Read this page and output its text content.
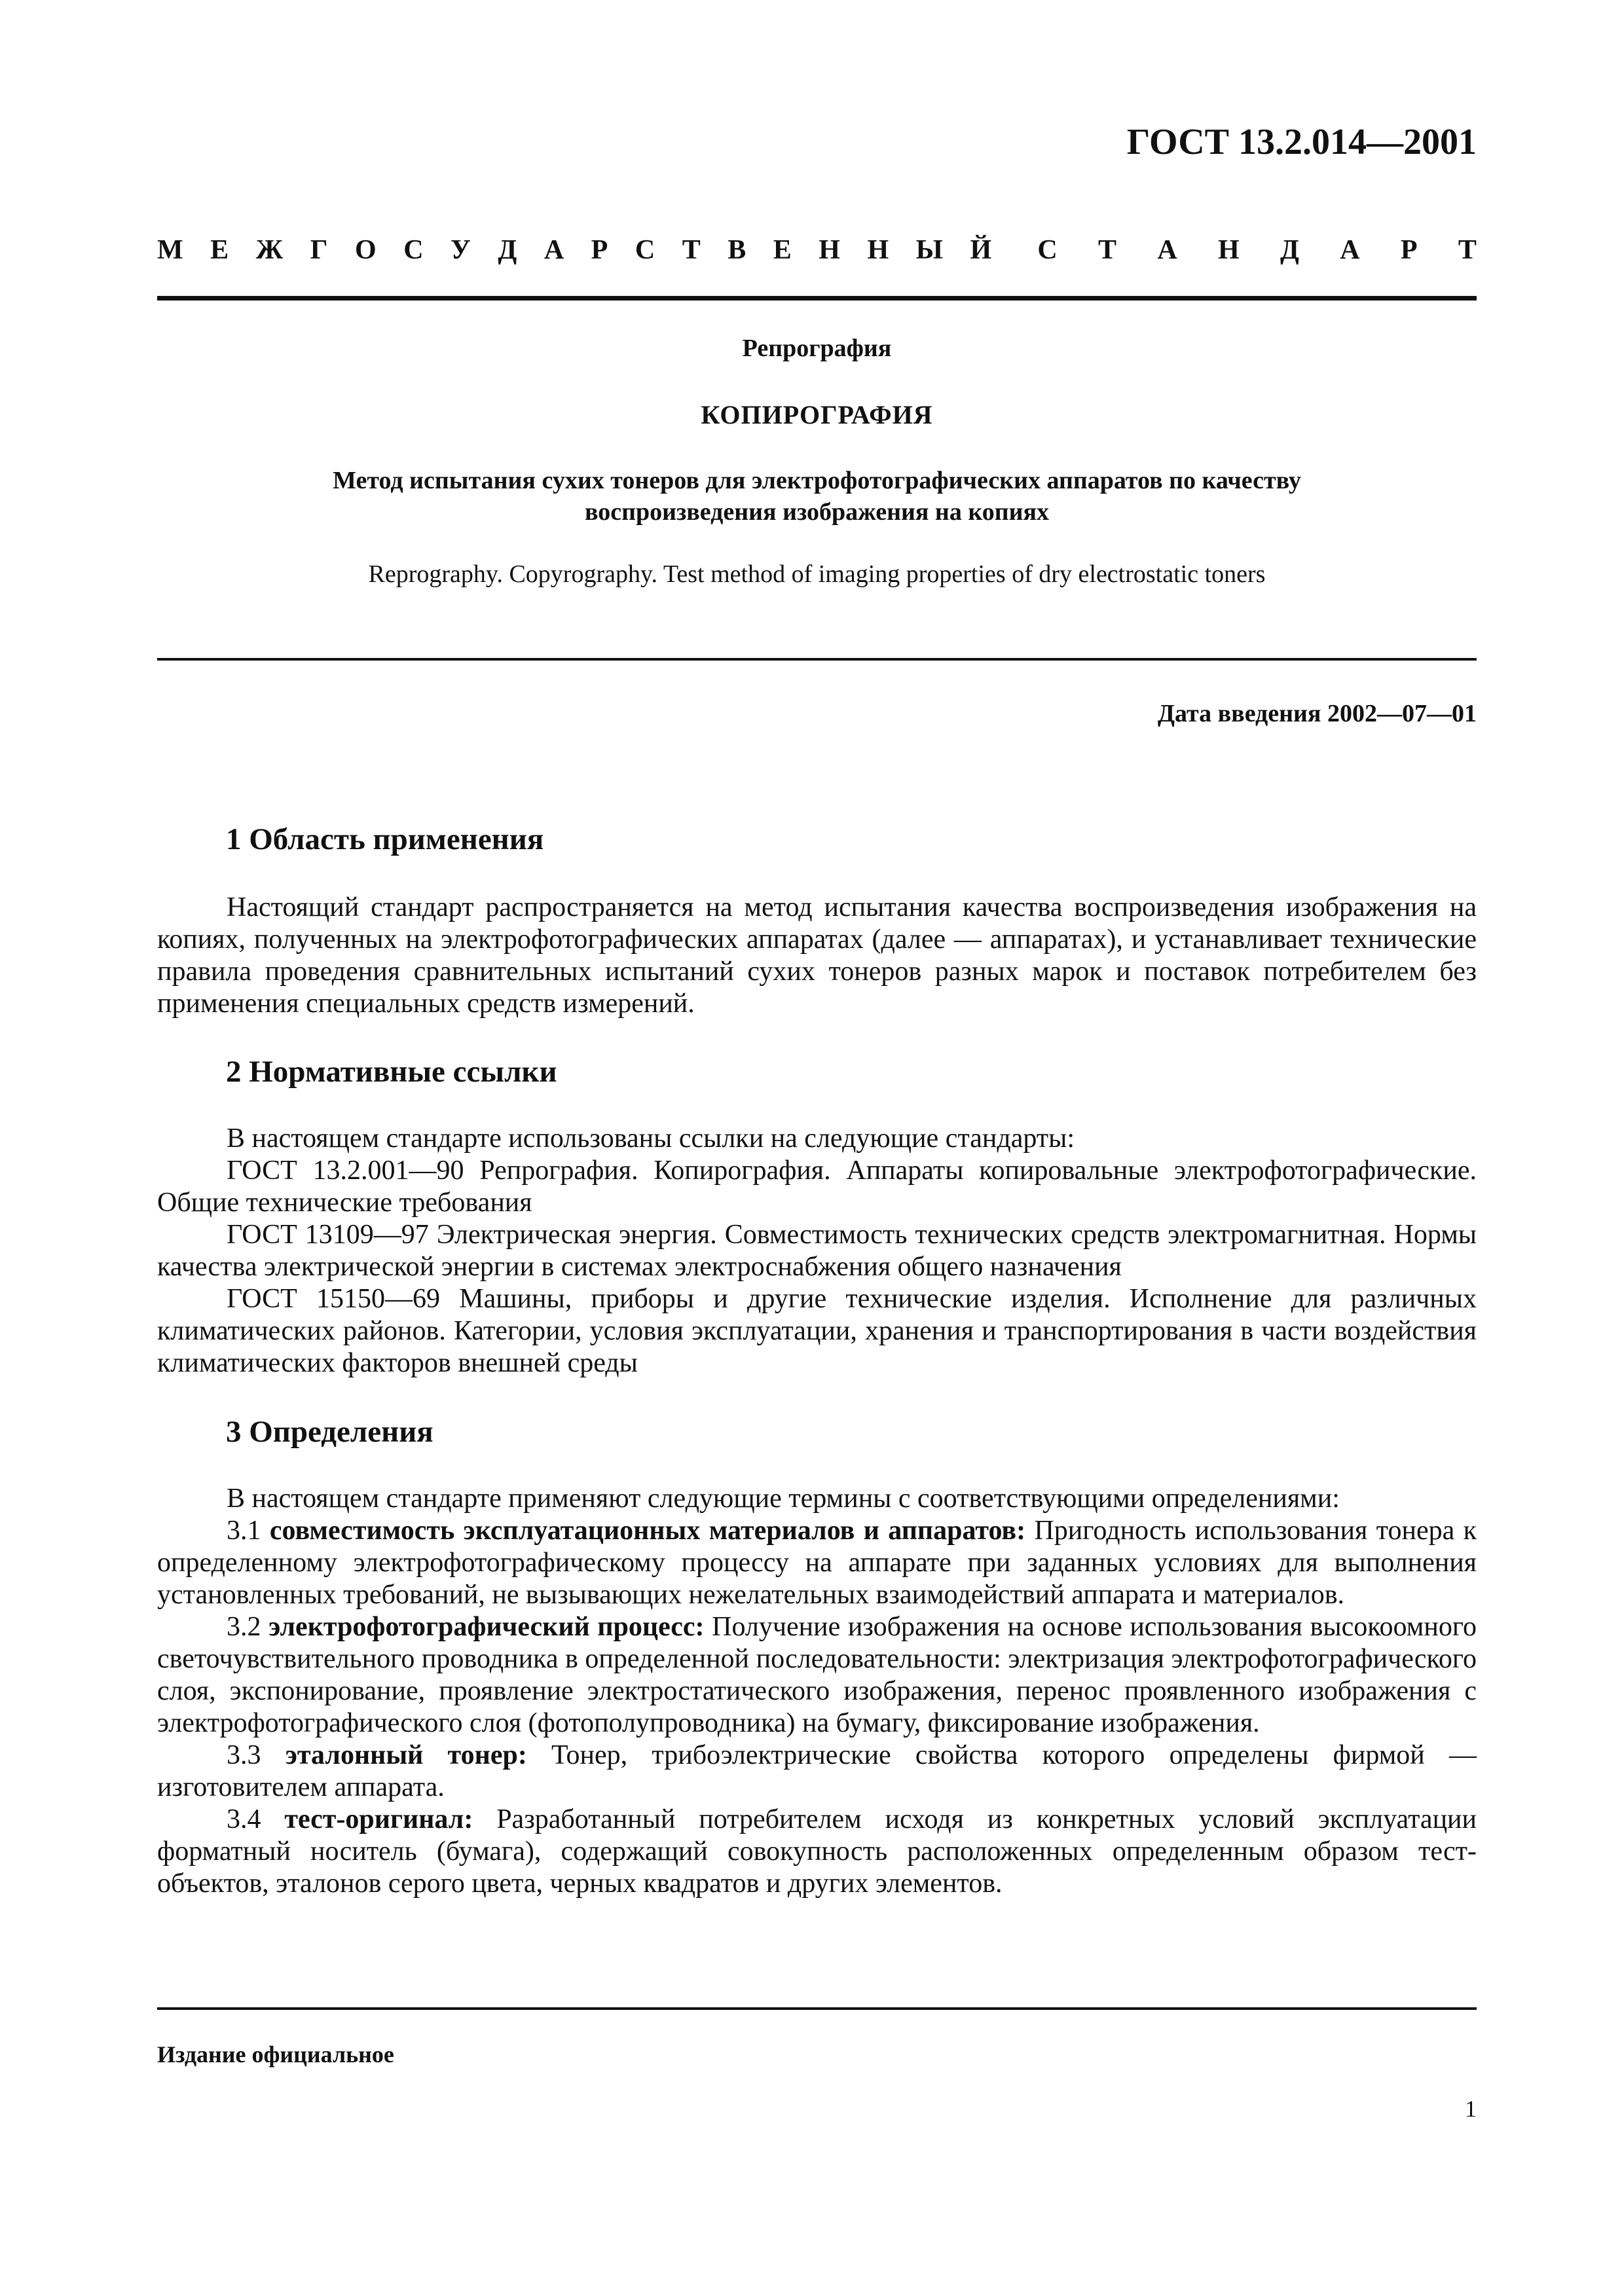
ГОСТ 13.2.014—2001
М Е Ж Г О С У Д А Р С Т В Е Н Н Ы Й С Т А Н Д А Р Т
Репрография
КОПИРОГРАФИЯ
Метод испытания сухих тонеров для электрофотографических аппаратов по качеству
воспроизведения изображения на копиях
Reprography. Copyrography. Test method of imaging properties of dry electrostatic toners
Дата введения 2002—07—01
1 Область применения

Настоящий стандарт распространяется на метод испытания качества воспроизведения изображения на копиях, полученных на электрофотографических аппаратах (далее — аппаратах), и устанавливает технические правила проведения сравнительных испытаний сухих тонеров разных марок и поставок потребителем без применения специальных средств измерений.

2 Нормативные ссылки

В настоящем стандарте использованы ссылки на следующие стандарты:

ГОСТ 13.2.001—90 Репрография. Копирография. Аппараты копировальные электрофотографические. Общие технические требования

ГОСТ 13109—97 Электрическая энергия. Совместимость технических средств электромагнитная. Нормы качества электрической энергии в системах электроснабжения общего назначения

ГОСТ 15150—69 Машины, приборы и другие технические изделия. Исполнение для различных климатических районов. Категории, условия эксплуатации, хранения и транспортирования в части воздействия климатических факторов внешней среды

3 Определения

В настоящем стандарте применяют следующие термины с соответствующими определениями:

3.1 совместимость эксплуатационных материалов и аппаратов: Пригодность использования тонера к определенному электрофотографическому процессу на аппарате при заданных условиях для выполнения установленных требований, не вызывающих нежелательных взаимодействий аппарата и материалов.

3.2 электрофотографический процесс: Получение изображения на основе использования высокоомного светочувствительного проводника в определенной последовательности: электризация электрофотографического слоя, экспонирование, проявление электростатического изображения, перенос проявленного изображения с электрофотографического слоя (фотополупроводника) на бумагу, фиксирование изображения.

3.3 эталонный тонер: Тонер, трибоэлектрические свойства которого определены фирмой — изготовителем аппарата.

3.4 тест-оригинал: Разработанный потребителем исходя из конкретных условий эксплуатации форматный носитель (бумага), содержащий совокупность расположенных определенным образом тест-объектов, эталонов серого цвета, черных квадратов и других элементов.

Издание официальное
1
